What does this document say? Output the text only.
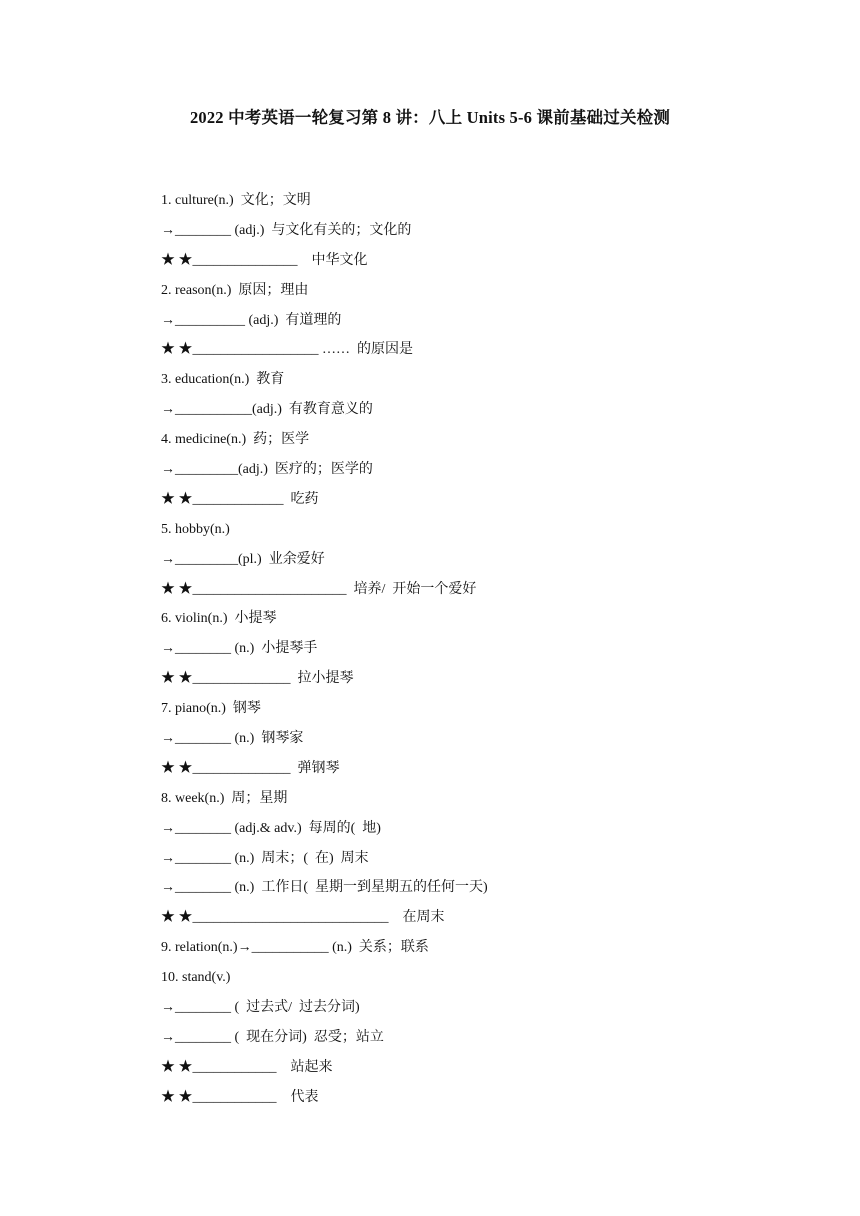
2022 中考英语一轮复习第 8 讲：八上 Units 5-6 课前基础过关检测
1. culture(n.)  文化；文明
→________ (adj.)  与文化有关的；文化的
★ ★_______________    中华文化
2. reason(n.)  原因；理由
→__________ (adj.)  有道理的
★ ★__________________ ……  的原因是
3. education(n.)  教育
→___________(adj.)  有教育意义的
4. medicine(n.)  药；医学
→_________(adj.)  医疗的；医学的
★ ★_____________  吃药
5. hobby(n.)
→_________(pl.)  业余爱好
★ ★______________________  培养/  开始一个爱好
6. violin(n.)  小提琴
→________ (n.)  小提琴手
★ ★______________  拉小提琴
7. piano(n.)  钢琴
→________ (n.)  钢琴家
★ ★______________  弹钢琴
8. week(n.)  周；星期
→________ (adj.& adv.)  每周的(  地)
→________ (n.)  周末；(  在)  周末
→________ (n.)  工作日(  星期一到星期五的任何一天)
★ ★____________________________    在周末
9. relation(n.)→___________ (n.)  关系；联系
10. stand(v.)
→________ (  过去式/  过去分词)
→________ (  现在分词)  忍受；站立
★ ★____________    站起来
★ ★____________    代表
